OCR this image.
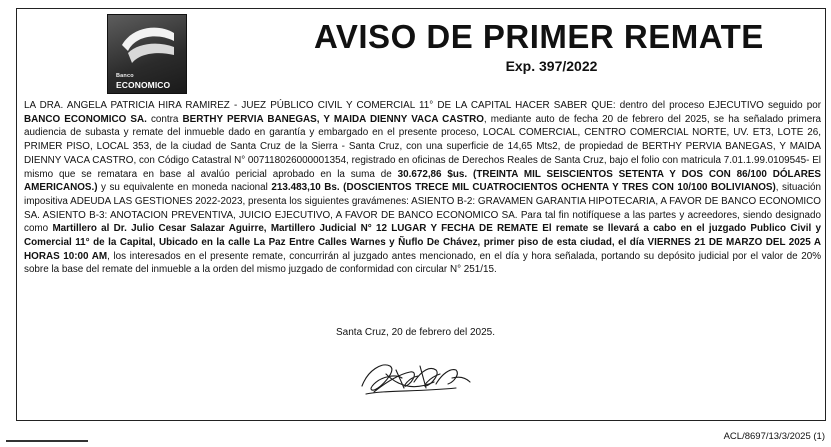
Banco
ECONOMICO
AVISO DE PRIMER REMATE
Exp. 397/2022
LA DRA. ANGELA PATRICIA HIRA RAMIREZ - JUEZ PÚBLICO CIVIL Y COMERCIAL 11° DE LA CAPITAL HACER SABER QUE: dentro del proceso EJECUTIVO seguido por BANCO ECONOMICO SA. contra BERTHY PERVIA BANEGAS, Y MAIDA DIENNY VACA CASTRO, mediante auto de fecha 20 de febrero del 2025, se ha señalado primera audiencia de subasta y remate del inmueble dado en garantía y embargado en el presente proceso, LOCAL COMERCIAL, CENTRO COMERCIAL NORTE, UV. ET3, LOTE 26, PRIMER PISO, LOCAL 353, de la ciudad de Santa Cruz de la Sierra - Santa Cruz, con una superficie de 14,65 Mts2, de propiedad de BERTHY PERVIA BANEGAS, Y MAIDA DIENNY VACA CASTRO, con Código Catastral N° 007118026000001354, registrado en oficinas de Derechos Reales de Santa Cruz, bajo el folio con matricula 7.01.1.99.0109545- El mismo que se rematara en base al avalúo pericial aprobado en la suma de 30.672,86 $us. (TREINTA MIL SEISCIENTOS SETENTA Y DOS CON 86/100 DÓLARES AMERICANOS.) y su equivalente en moneda nacional 213.483,10 Bs. (DOSCIENTOS TRECE MIL CUATROCIENTOS OCHENTA Y TRES CON 10/100 BOLIVIANOS), situación impositiva ADEUDA LAS GESTIONES 2022-2023, presenta los siguientes gravámenes: ASIENTO B-2: GRAVAMEN GARANTIA HIPOTECARIA, A FAVOR DE BANCO ECONOMICO SA. ASIENTO B-3: ANOTACION PREVENTIVA, JUICIO EJECUTIVO, A FAVOR DE BANCO ECONOMICO SA. Para tal fin notifíquese a las partes y acreedores, siendo designado como Martillero al Dr. Julio Cesar Salazar Aguirre, Martillero Judicial N° 12 LUGAR Y FECHA DE REMATE El remate se llevará a cabo en el juzgado Publico Civil y Comercial 11° de la Capital, Ubicado en la calle La Paz Entre Calles Warnes y Ñuflo De Chávez, primer piso de esta ciudad, el día VIERNES 21 DE MARZO DEL 2025 A HORAS 10:00 AM, los interesados en el presente remate, concurrirán al juzgado antes mencionado, en el día y hora señalada, portando su depósito judicial por el valor de 20% sobre la base del remate del inmueble a la orden del mismo juzgado de conformidad con circular N° 251/15.
Santa Cruz, 20 de febrero del 2025.
ACL/8697/13/3/2025 (1)
